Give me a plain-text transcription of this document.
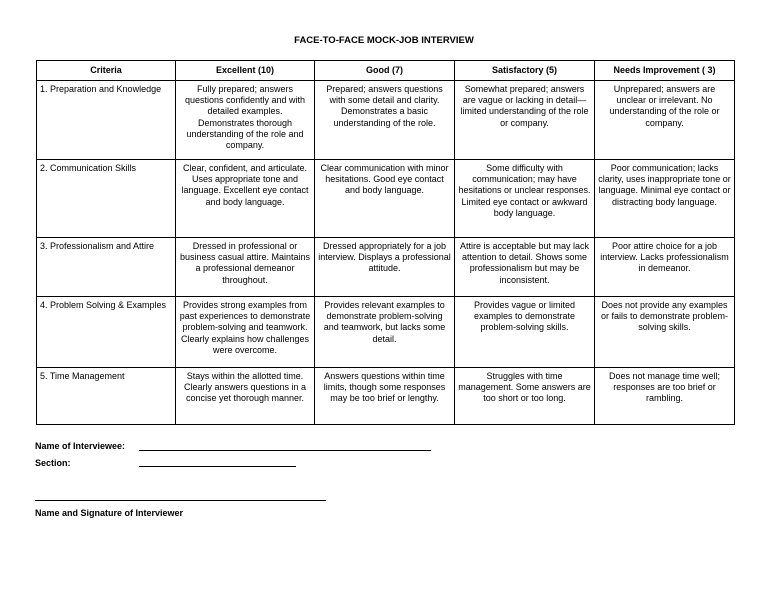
FACE-TO-FACE MOCK-JOB INTERVIEW
Criteria	Excellent (10)	Good (7)	Satisfactory (5)	Needs Improvement ( 3)
1. Preparation and Knowledge	Fully prepared; answers questions confidently and with detailed examples. Demonstrates thorough understanding of the role and company.	Prepared; answers questions with some detail and clarity. Demonstrates a basic understanding of the role.	Somewhat prepared; answers are vague or lacking in detail—limited understanding of the role or company.	Unprepared; answers are unclear or irrelevant. No understanding of the role or company.
2. Communication Skills	Clear, confident, and articulate. Uses appropriate tone and language. Excellent eye contact and body language.	Clear communication with minor hesitations. Good eye contact and body language.	Some difficulty with communication; may have hesitations or unclear responses. Limited eye contact or awkward body language.	Poor communication; lacks clarity, uses inappropriate tone or language. Minimal eye contact or distracting body language.
3. Professionalism and Attire	Dressed in professional or business casual attire. Maintains a professional demeanor throughout.	Dressed appropriately for a job interview. Displays a professional attitude.	Attire is acceptable but may lack attention to detail. Shows some professionalism but may be inconsistent.	Poor attire choice for a job interview. Lacks professionalism in demeanor.
4. Problem Solving & Examples	Provides strong examples from past experiences to demonstrate problem-solving and teamwork. Clearly explains how challenges were overcome.	Provides relevant examples to demonstrate problem-solving and teamwork, but lacks some detail.	Provides vague or limited examples to demonstrate problem-solving skills.	Does not provide any examples or fails to demonstrate problem-solving skills.
5. Time Management	Stays within the allotted time. Clearly answers questions in a concise yet thorough manner.	Answers questions within time limits, though some responses may be too brief or lengthy.	Struggles with time management. Some answers are too short or too long.	Does not manage time well; responses are too brief or rambling.
Name of Interviewee:
Section:
Name and Signature of Interviewer
